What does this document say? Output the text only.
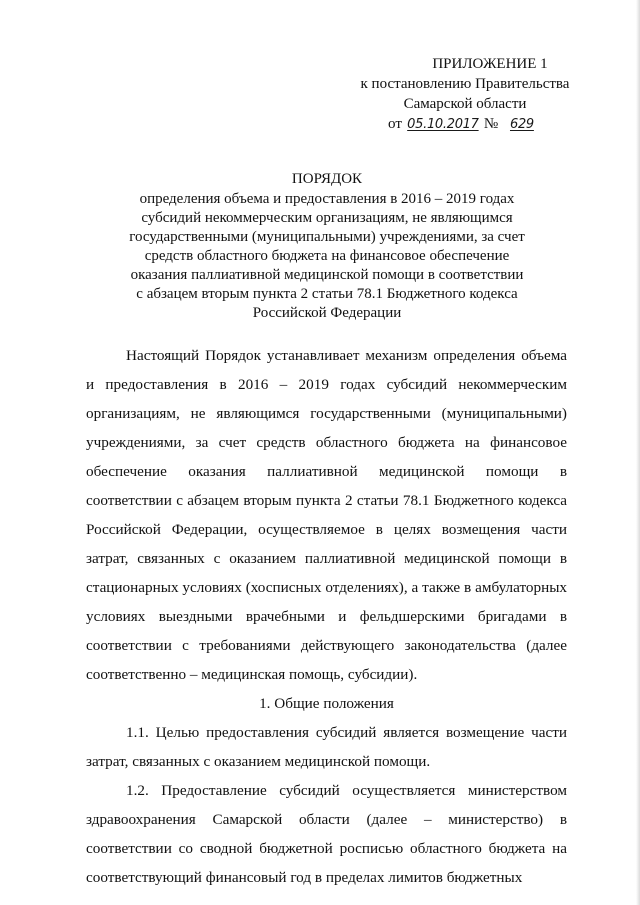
ПРИЛОЖЕНИЕ 1
к постановлению Правительства
Самарской области
от 05.10.2017 № 629
ПОРЯДОК
определения объема и предоставления в 2016 – 2019 годах
субсидий некоммерческим организациям, не являющимся
государственными (муниципальными) учреждениями, за счет
средств областного бюджета на финансовое обеспечение
оказания паллиативной медицинской помощи в соответствии
с абзацем вторым пункта 2 статьи 78.1 Бюджетного кодекса
Российской Федерации

Настоящий Порядок устанавливает механизм определения объема и предоставления в 2016 – 2019 годах субсидий некоммерческим организациям, не являющимся государственными (муниципальными) учреждениями, за счет средств областного бюджета на финансовое обеспечение оказания паллиативной медицинской помощи в соответствии с абзацем вторым пункта 2 статьи 78.1 Бюджетного кодекса Российской Федерации, осуществляемое в целях возмещения части затрат, связанных с оказанием паллиативной медицинской помощи в стационарных условиях (хосписных отделениях), а также в амбулаторных условиях выездными врачебными и фельдшерскими бригадами в соответствии с требованиями действующего законодательства (далее соответственно – медицинская помощь, субсидии).

1. Общие положения

1.1. Целью предоставления субсидий является возмещение части затрат, связанных с оказанием медицинской помощи.

1.2. Предоставление субсидий осуществляется министерством здравоохранения Самарской области (далее – министерство) в соответствии со сводной бюджетной росписью областного бюджета на соответствующий финансовый год в пределах лимитов бюджетных
